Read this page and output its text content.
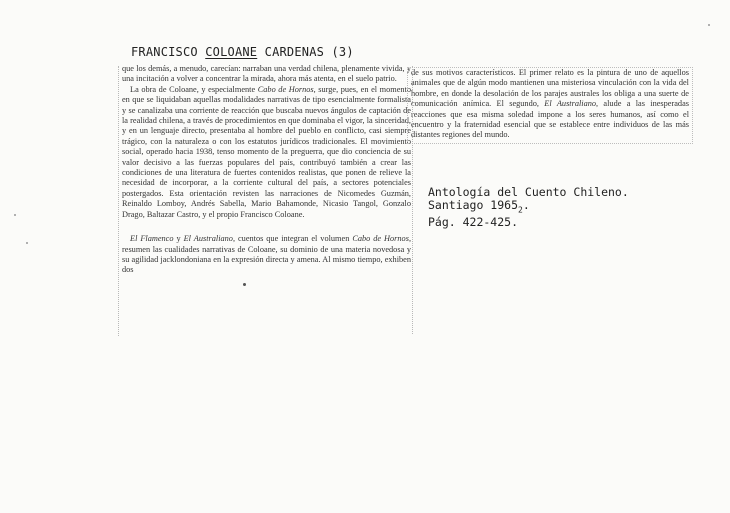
FRANCISCO COLOANE CARDENAS (3)

que los demás, a menudo, carecían: narraban una verdad chilena, plenamente vivida, y una incitación a volver a concentrar la mirada, ahora más atenta, en el suelo patrio.

La obra de Coloane, y especialmente Cabo de Hornos, surge, pues, en el momento en que se liquidaban aquellas modalidades narrativas de tipo esencialmente formalista y se canalizaba una corriente de reacción que buscaba nuevos ángulos de captación de la realidad chilena, a través de procedimientos en que dominaba el vigor, la sinceridad, y en un lenguaje directo, presentaba al hombre del pueblo en conflicto, casi siempre trágico, con la naturaleza o con los estatutos jurídicos tradicionales. El movimiento social, operado hacia 1938, tenso momento de la preguerra, que dio conciencia de su valor decisivo a las fuerzas populares del país, contribuyó también a crear las condiciones de una literatura de fuertes contenidos realistas, que ponen de relieve la necesidad de incorporar, a la corriente cultural del país, a sectores potenciales postergados. Esta orientación revisten las narraciones de Nicomedes Guzmán, Reinaldo Lomboy, Andrés Sabella, Mario Bahamonde, Nicasio Tangol, Gonzalo Drago, Baltazar Castro, y el propio Francisco Coloane.

El Flamenco y El Australiano, cuentos que integran el volumen Cabo de Hornos, resumen las cualidades narrativas de Coloane, su dominio de una materia novedosa y su agilidad jacklondoniana en la expresión directa y amena. Al mismo tiempo, exhiben dos

de sus motivos característicos. El primer relato es la pintura de uno de aquellos animales que de algún modo mantienen una misteriosa vinculación con la vida del hombre, en donde la desolación de los parajes australes los obliga a una suerte de comunicación anímica. El segundo, El Australiano, alude a las inesperadas reacciones que esa misma soledad impone a los seres humanos, así como el encuentro y la fraternidad esencial que se establece entre individuos de las más distantes regiones del mundo.

Antología del Cuento Chileno.
Santiago $1965_2$.
Pág. 422-425.
